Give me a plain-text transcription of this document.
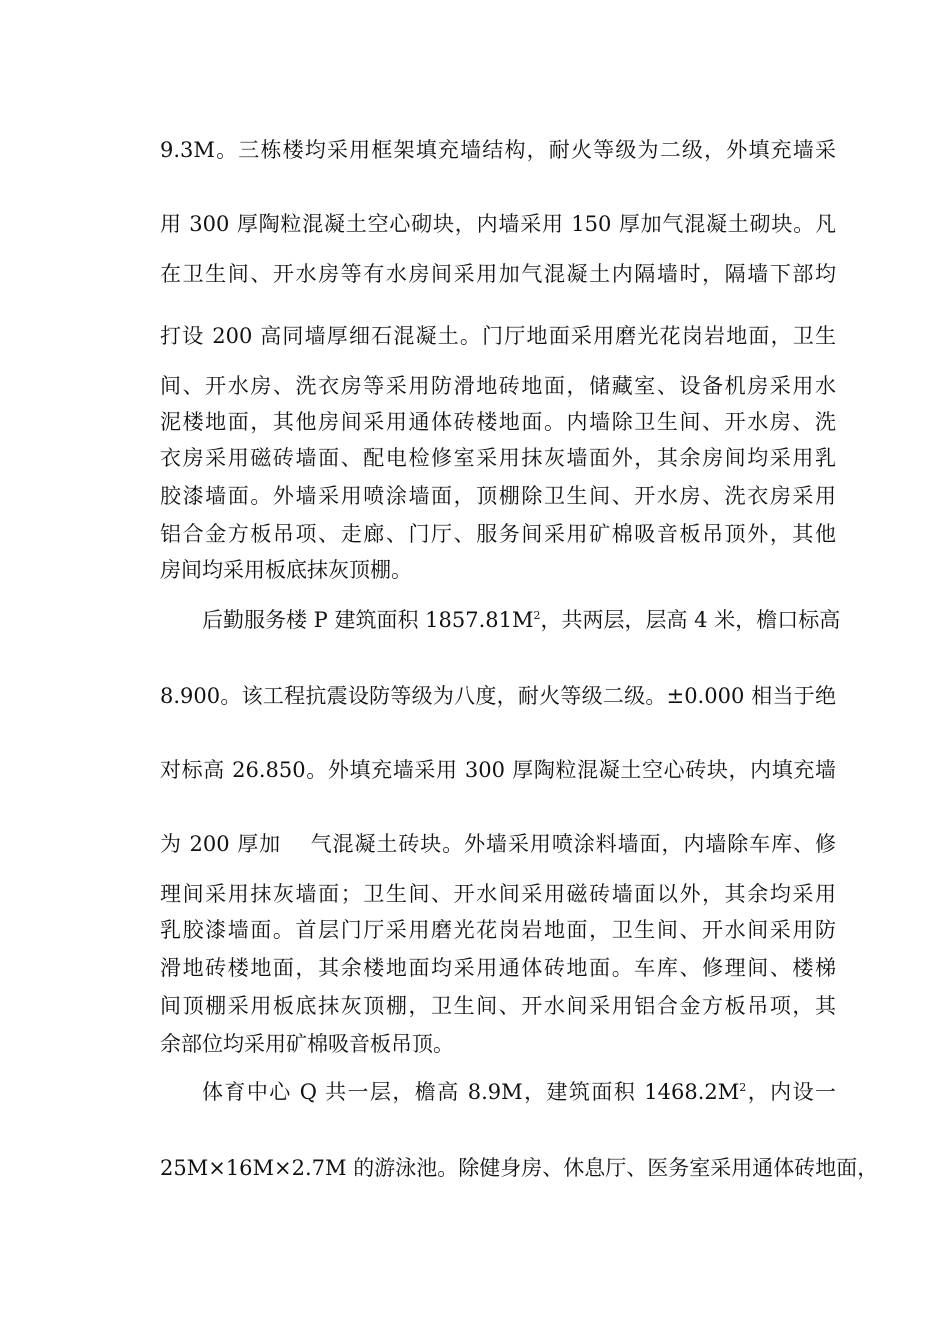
9.3M。三栋楼均采用框架填充墙结构，耐火等级为二级，外填充墙采
用 300 厚陶粒混凝土空心砌块，内墙采用 150 厚加气混凝土砌块。凡
在卫生间、开水房等有水房间采用加气混凝土内隔墙时，隔墙下部均
打设 200 高同墙厚细石混凝土。门厅地面采用磨光花岗岩地面，卫生
间、开水房、洗衣房等采用防滑地砖地面，储藏室、设备机房采用水
泥楼地面，其他房间采用通体砖楼地面。内墙除卫生间、开水房、洗
衣房采用磁砖墙面、配电检修室采用抹灰墙面外，其余房间均采用乳
胶漆墙面。外墙采用喷涂墙面，顶棚除卫生间、开水房、洗衣房采用
铝合金方板吊项、走廊、门厅、服务间采用矿棉吸音板吊顶外，其他
房间均采用板底抹灰顶棚。
后勤服务楼 P 建筑面积 $1857.81M^2$，共两层，层高 4 米，檐口标高
8.900。该工程抗震设防等级为八度，耐火等级二级。±0.000 相当于绝
对标高 26.850。外填充墙采用 300 厚陶粒混凝土空心砖块，内填充墙
为 200 厚加　 气混凝土砖块。外墙采用喷涂料墙面，内墙除车库、修
理间采用抹灰墙面；卫生间、开水间采用磁砖墙面以外，其余均采用
乳胶漆墙面。首层门厅采用磨光花岗岩地面，卫生间、开水间采用防
滑地砖楼地面，其余楼地面均采用通体砖地面。车库、修理间、楼梯
间顶棚采用板底抹灰顶棚，卫生间、开水间采用铝合金方板吊项，其
余部位均采用矿棉吸音板吊顶。
体育中心 Q 共一层，檐高 8.9M，建筑面积 $1468.2M^2$，内设一
25M×16M×2.7M 的游泳池。除健身房、休息厅、医务室采用通体砖地面，
